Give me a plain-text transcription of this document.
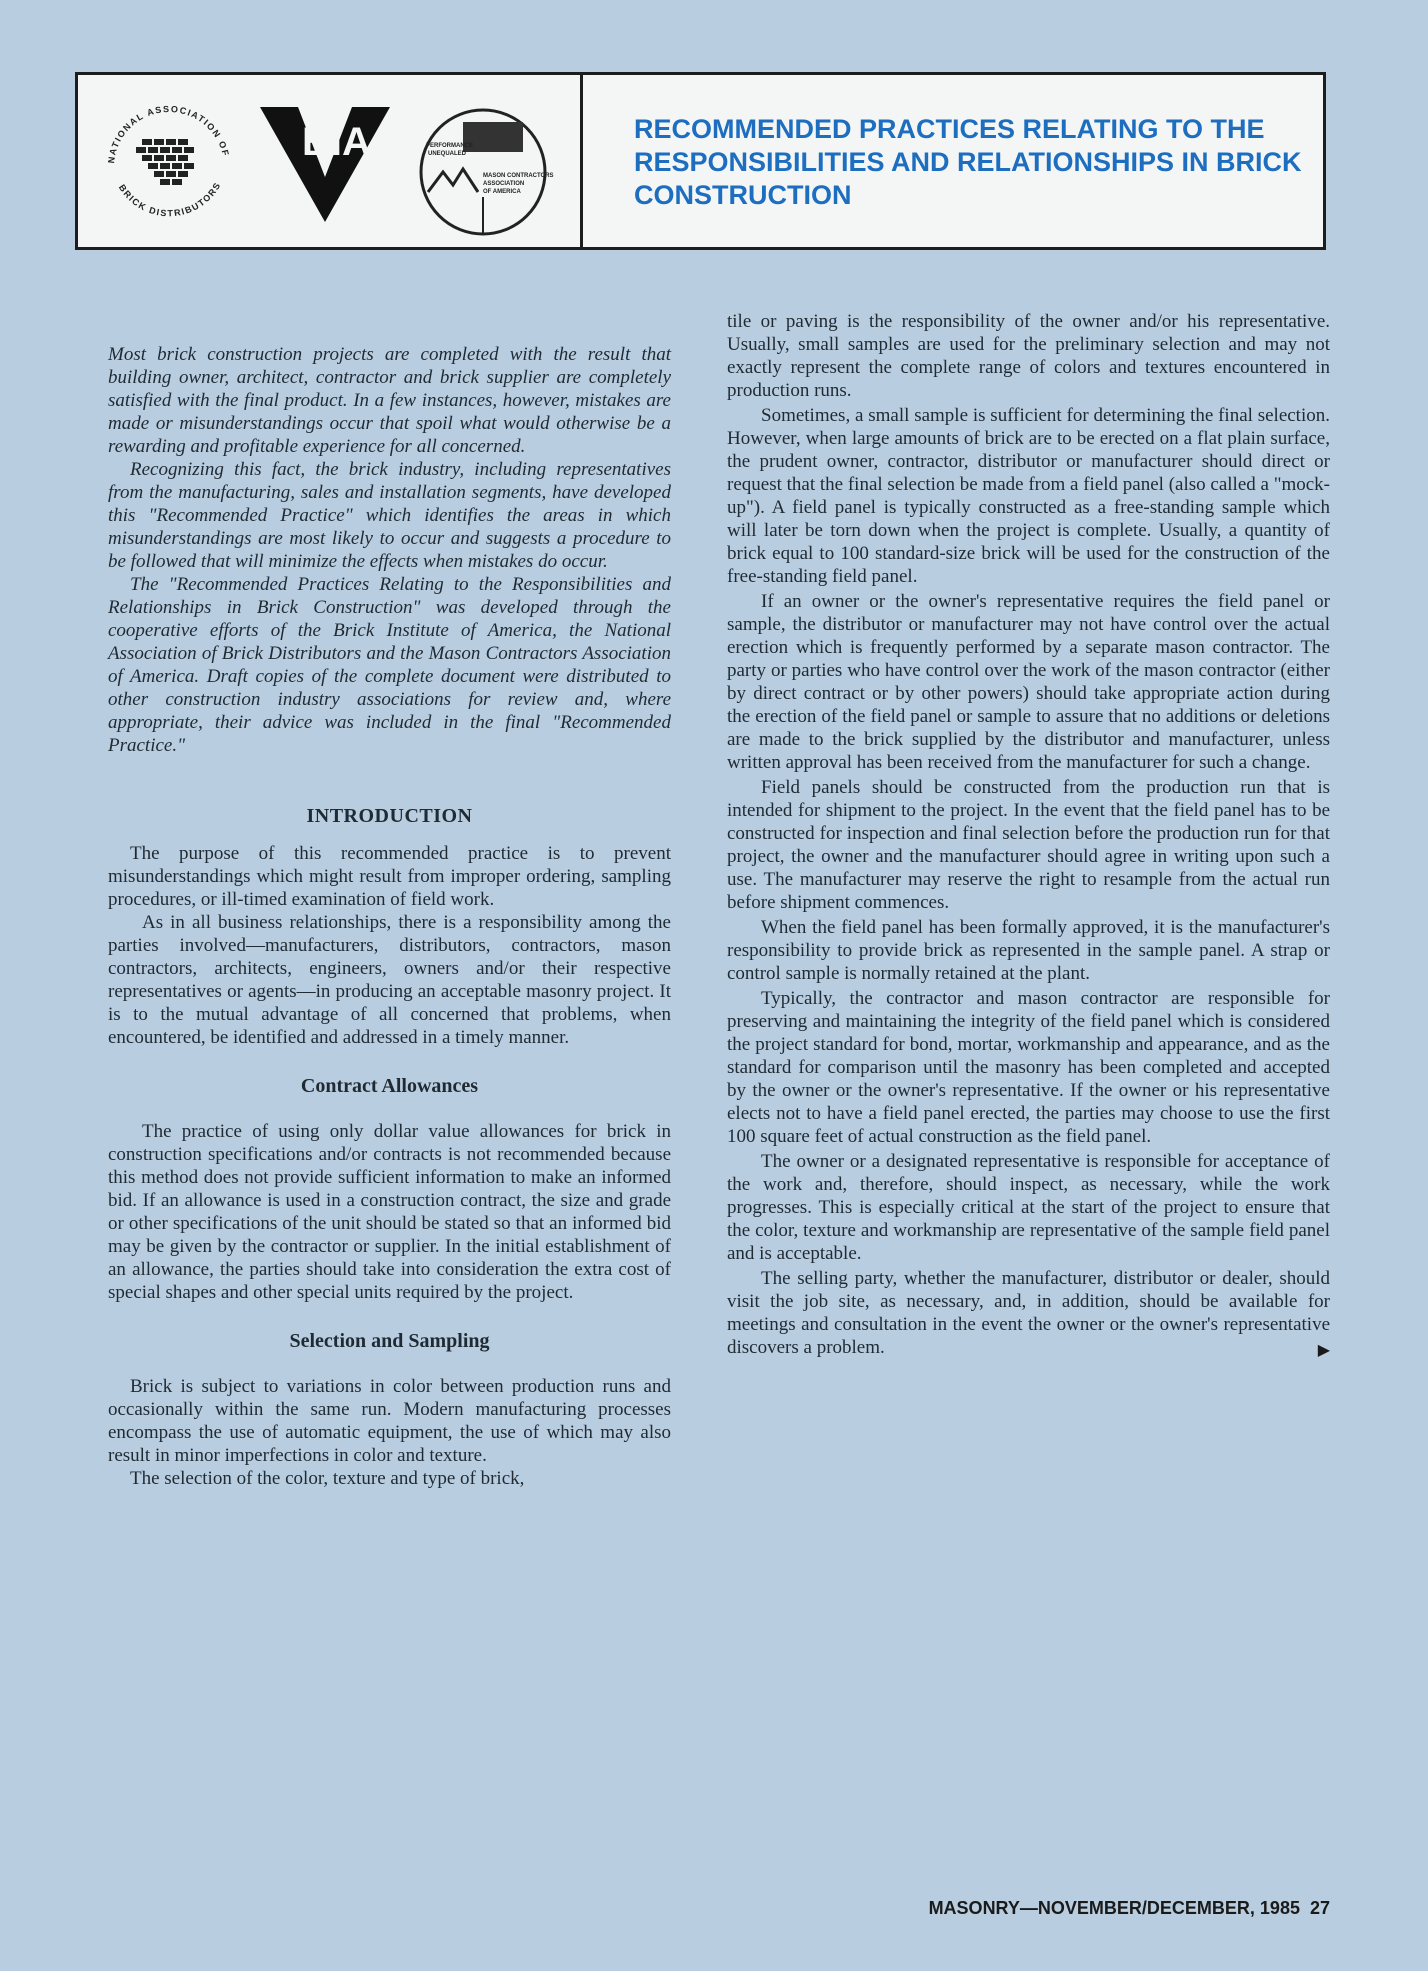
NATIONAL ASSOCIATION OF
BRICK DISTRIBUTORS
BIA	PERFORMANCE
UNEQUALED
MASON CONTRACTORS
ASSOCIATION
OF AMERICA
RECOMMENDED PRACTICES RELATING TO THE RESPONSIBILITIES AND RELATIONSHIPS IN BRICK CONSTRUCTION

Most brick construction projects are completed with the result that building owner, architect, contractor and brick supplier are completely satisfied with the final product. In a few instances, however, mistakes are made or misunderstandings occur that spoil what would otherwise be a rewarding and profitable experience for all concerned.

Recognizing this fact, the brick industry, including representatives from the manufacturing, sales and installation segments, have developed this "Recommended Practice" which identifies the areas in which misunderstandings are most likely to occur and suggests a procedure to be followed that will minimize the effects when mistakes do occur.

The "Recommended Practices Relating to the Responsibilities and Relationships in Brick Construction" was developed through the cooperative efforts of the Brick Institute of America, the National Association of Brick Distributors and the Mason Contractors Association of America. Draft copies of the complete document were distributed to other construction industry associations for review and, where appropriate, their advice was included in the final "Recommended Practice."

INTRODUCTION

The purpose of this recommended practice is to prevent misunderstandings which might result from improper ordering, sampling procedures, or ill-timed examination of field work.

As in all business relationships, there is a responsibility among the parties involved—manufacturers, distributors, contractors, mason contractors, architects, engineers, owners and/or their respective representatives or agents—in producing an acceptable masonry project. It is to the mutual advantage of all concerned that problems, when encountered, be identified and addressed in a timely manner.

Contract Allowances

The practice of using only dollar value allowances for brick in construction specifications and/or contracts is not recommended because this method does not provide sufficient information to make an informed bid. If an allowance is used in a construction contract, the size and grade or other specifications of the unit should be stated so that an informed bid may be given by the contractor or supplier. In the initial establishment of an allowance, the parties should take into consideration the extra cost of special shapes and other special units required by the project.

Selection and Sampling

Brick is subject to variations in color between production runs and occasionally within the same run. Modern manufacturing processes encompass the use of automatic equipment, the use of which may also result in minor imperfections in color and texture.

The selection of the color, texture and type of brick,

tile or paving is the responsibility of the owner and/or his representative. Usually, small samples are used for the preliminary selection and may not exactly represent the complete range of colors and textures encountered in production runs.

Sometimes, a small sample is sufficient for determining the final selection. However, when large amounts of brick are to be erected on a flat plain surface, the prudent owner, contractor, distributor or manufacturer should direct or request that the final selection be made from a field panel (also called a "mock-up"). A field panel is typically constructed as a free-standing sample which will later be torn down when the project is complete. Usually, a quantity of brick equal to 100 standard-size brick will be used for the construction of the free-standing field panel.

If an owner or the owner's representative requires the field panel or sample, the distributor or manufacturer may not have control over the actual erection which is frequently performed by a separate mason contractor. The party or parties who have control over the work of the mason contractor (either by direct contract or by other powers) should take appropriate action during the erection of the field panel or sample to assure that no additions or deletions are made to the brick supplied by the distributor and manufacturer, unless written approval has been received from the manufacturer for such a change.

Field panels should be constructed from the production run that is intended for shipment to the project. In the event that the field panel has to be constructed for inspection and final selection before the production run for that project, the owner and the manufacturer should agree in writing upon such a use. The manufacturer may reserve the right to resample from the actual run before shipment commences.

When the field panel has been formally approved, it is the manufacturer's responsibility to provide brick as represented in the sample panel. A strap or control sample is normally retained at the plant.

Typically, the contractor and mason contractor are responsible for preserving and maintaining the integrity of the field panel which is considered the project standard for bond, mortar, workmanship and appearance, and as the standard for comparison until the masonry has been completed and accepted by the owner or the owner's representative. If the owner or his representative elects not to have a field panel erected, the parties may choose to use the first 100 square feet of actual construction as the field panel.

The owner or a designated representative is responsible for acceptance of the work and, therefore, should inspect, as necessary, while the work progresses. This is especially critical at the start of the project to ensure that the color, texture and workmanship are representative of the sample field panel and is acceptable.

The selling party, whether the manufacturer, distributor or dealer, should visit the job site, as necessary, and, in addition, should be available for meetings and consultation in the event the owner or the owner's representative discovers a problem.	▶

MASONRY—NOVEMBER/DECEMBER, 1985 27
